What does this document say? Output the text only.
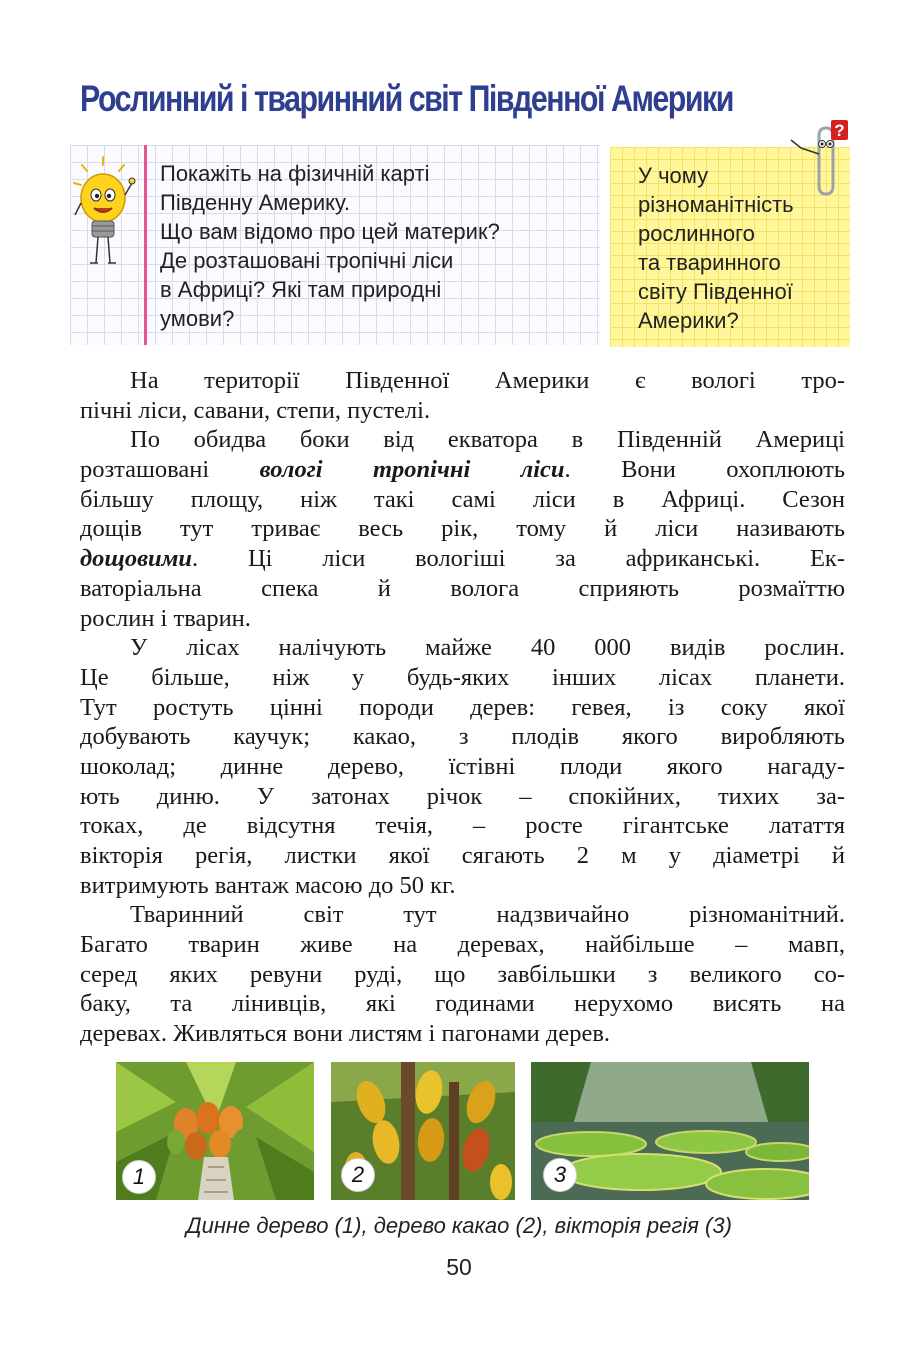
Рослинний і тваринний світ Південної Америки
Покажіть на фізичній карті
Південну Америку.
Що вам відомо про цей материк?
Де розташовані тропічні ліси
в Африці? Які там природні
умови?
У чому
різноманітність
рослинного
та тваринного
світу Південної
Америки?
?
На території Південної Америки є вологі тро-
пічні ліси, савани, степи, пустелі.
По обидва боки від екватора в Південній Америці
розташовані вологі тропічні ліси. Вони охоплюють
більшу площу, ніж такі самі ліси в Африці. Сезон
дощів тут триває весь рік, тому й ліси називають
дощовими. Ці ліси вологіші за африканські. Ек-
ваторіальна спека й волога сприяють розмаїттю
рослин і тварин.
У лісах налічують майже 40 000 видів рослин.
Це більше, ніж у будь-яких інших лісах планети.
Тут ростуть цінні породи дерев: гевея, із соку якої
добувають каучук; какао, з плодів якого виробляють
шоколад; динне дерево, їстівні плоди якого нагаду-
ють диню. У затонах річок – спокійних, тихих за-
токах, де відсутня течія, – росте гігантське латаття
вікторія регія, листки якої сягають 2 м у діаметрі й
витримують вантаж масою до 50 кг.
Тваринний світ тут надзвичайно різноманітний.
Багато тварин живе на деревах, найбільше – мавп,
серед яких ревуни руді, що завбільшки з великого со-
баку, та лінивців, які годинами нерухомо висять на
деревах. Живляться вони листям і пагонами дерев.
1	2	3
Динне дерево (1), дерево какао (2), вікторія регія (3)
50
